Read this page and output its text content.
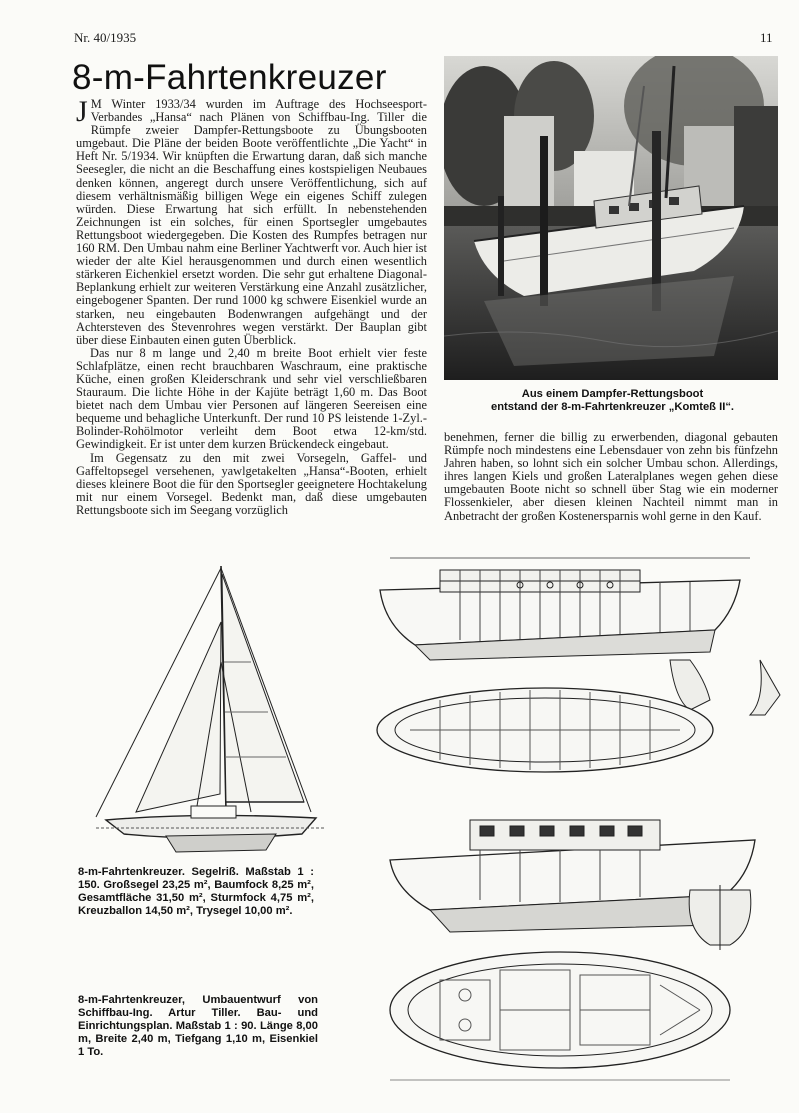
Nr. 40/1935	11
8-m-Fahrtenkreuzer

J M Winter 1933/34 wurden im Auftrage des Hochseesport-Verbandes „Hansa“ nach Plänen von Schiffbau-Ing. Tiller die Rümpfe zweier Dampfer-Rettungsboote zu Übungsbooten umgebaut. Die Pläne der beiden Boote veröffentlichte „Die Yacht“ in Heft Nr. 5/1934. Wir knüpften die Erwartung daran, daß sich manche Seesegler, die nicht an die Beschaffung eines kostspieligen Neubaues denken können, angeregt durch unsere Veröffentlichung, sich auf diesem verhältnismäßig billigen Wege ein eigenes Schiff zulegen würden. Diese Erwartung hat sich erfüllt. In nebenstehenden Zeichnungen ist ein solches, für einen Sportsegler umgebautes Rettungsboot wiedergegeben. Die Kosten des Rumpfes betragen nur 160 RM. Den Umbau nahm eine Berliner Yachtwerft vor. Auch hier ist wieder der alte Kiel herausgenommen und durch einen wesentlich stärkeren Eichenkiel ersetzt worden. Die sehr gut erhaltene Diagonal-Beplankung erhielt zur weiteren Verstärkung eine Anzahl zusätzlicher, eingebogener Spanten. Der rund 1000 kg schwere Eisenkiel wurde an starken, neu eingebauten Bodenwrangen aufgehängt und der Achtersteven des Stevenrohres wegen verstärkt. Der Bauplan gibt über diese Einbauten einen guten Überblick.

Das nur 8 m lange und 2,40 m breite Boot erhielt vier feste Schlafplätze, einen recht brauchbaren Waschraum, eine praktische Küche, einen großen Kleiderschrank und sehr viel verschließbaren Stauraum. Die lichte Höhe in der Kajüte beträgt 1,60 m. Das Boot bietet nach dem Umbau vier Personen auf längeren Seereisen eine bequeme und behagliche Unterkunft. Der rund 10 PS leistende 1-Zyl.-Bolinder-Rohölmotor verleiht dem Boot etwa 12-km/std. Gewindigkeit. Er ist unter dem kurzen Brückendeck eingebaut.

Im Gegensatz zu den mit zwei Vorsegeln, Gaffel- und Gaffeltopsegel versehenen, yawlgetakelten „Hansa“-Booten, erhielt dieses kleinere Boot die für den Sportsegler geeignetere Hochtakelung mit nur einem Vorsegel. Bedenkt man, daß diese umgebauten Rettungsboote sich im Seegang vorzüglich

Aus einem Dampfer-Rettungsboot
entstand der 8-m-Fahrtenkreuzer „Komteß II“.

benehmen, ferner die billig zu erwerbenden, diagonal gebauten Rümpfe noch mindestens eine Lebensdauer von zehn bis fünfzehn Jahren haben, so lohnt sich ein solcher Umbau schon. Allerdings, ihres langen Kiels und großen Lateralplanes wegen gehen diese umgebauten Boote nicht so schnell über Stag wie ein moderner Flossenkieler, aber diesen kleinen Nachteil nimmt man in Anbetracht der großen Kostenersparnis wohl gerne in den Kauf.

8-m-Fahrtenkreuzer. Segelriß. Maßstab 1 : 150. Großsegel 23,25 m², Baumfock 8,25 m², Gesamtfläche 31,50 m², Sturmfock 4,75 m², Kreuzballon 14,50 m², Trysegel 10,00 m².
8-m-Fahrtenkreuzer, Umbauentwurf von Schiffbau-Ing. Artur Tiller. Bau- und Einrichtungsplan. Maßstab 1 : 90. Länge 8,00 m, Breite 2,40 m, Tiefgang 1,10 m, Eisenkiel 1 To.
